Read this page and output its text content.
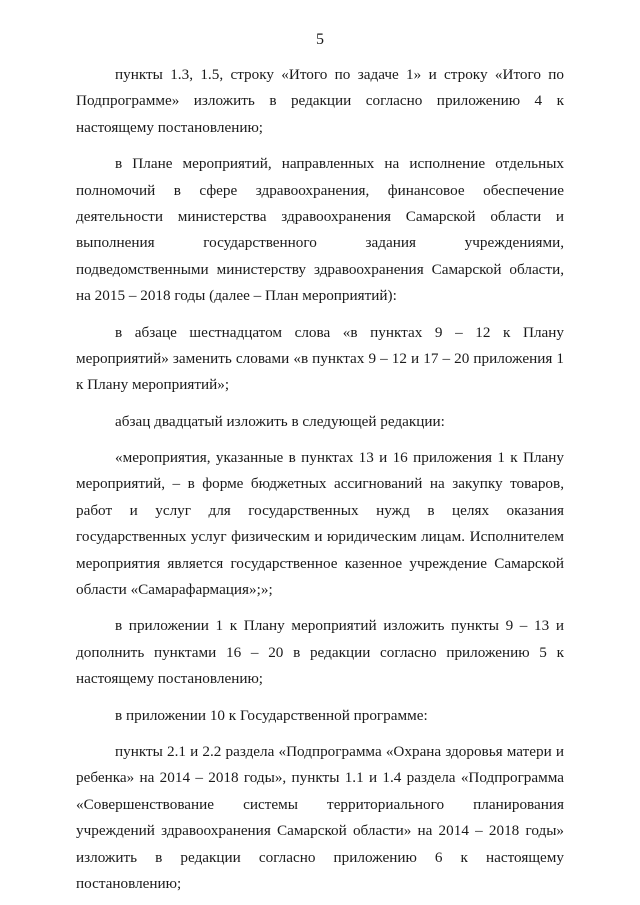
5
пункты 1.3, 1.5, строку «Итого по задаче 1» и строку «Итого по
Подпрограмме» изложить в редакции согласно приложению 4 к
настоящему постановлению;
в Плане мероприятий, направленных на исполнение отдельных
полномочий в сфере здравоохранения, финансовое обеспечение
деятельности министерства здравоохранения Самарской области и
выполнения государственного задания учреждениями,
подведомственными министерству здравоохранения Самарской области,
на 2015 – 2018 годы (далее – План мероприятий):
в абзаце шестнадцатом слова «в пунктах 9 – 12 к Плану
мероприятий» заменить словами «в пунктах 9 – 12 и 17 – 20 приложения 1
к Плану мероприятий»;
абзац двадцатый изложить в следующей редакции:
«мероприятия, указанные в пунктах 13 и 16 приложения 1 к Плану
мероприятий, – в форме бюджетных ассигнований на закупку товаров,
работ и услуг для государственных нужд в целях оказания
государственных услуг физическим и юридическим лицам. Исполнителем
мероприятия является государственное казенное учреждение Самарской
области «Самарафармация»;»;
в приложении 1 к Плану мероприятий изложить пункты 9 – 13 и
дополнить пунктами 16 – 20 в редакции согласно приложению 5 к
настоящему постановлению;
в приложении 10 к Государственной программе:
пункты 2.1 и 2.2 раздела «Подпрограмма «Охрана здоровья матери и
ребенка» на 2014 – 2018 годы», пункты 1.1 и 1.4 раздела «Подпрограмма
«Совершенствование системы территориального планирования
учреждений здравоохранения Самарской области» на 2014 – 2018 годы»
изложить в редакции согласно приложению 6 к настоящему
постановлению;
